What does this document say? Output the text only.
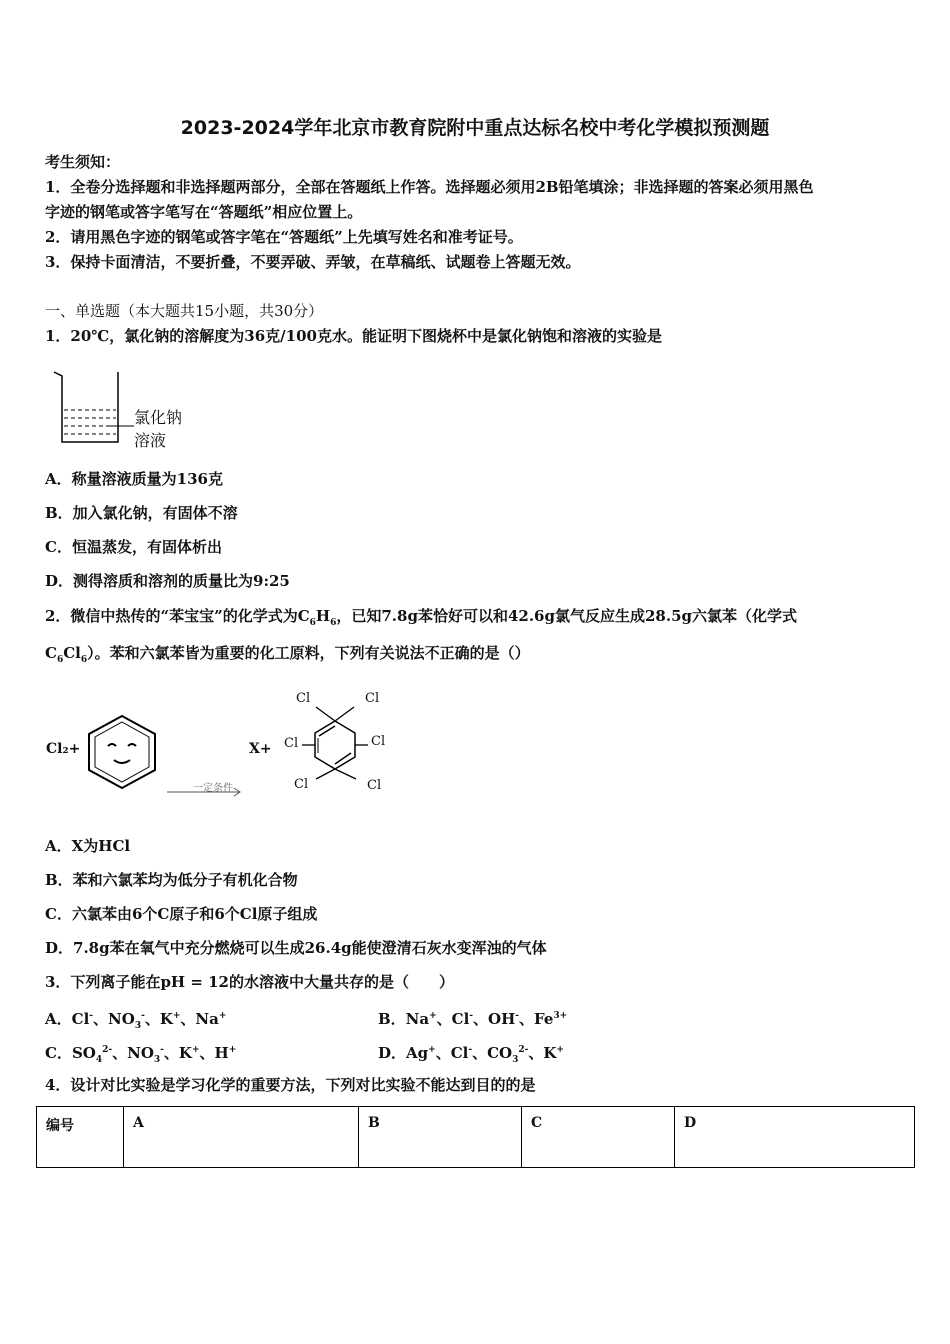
2023-2024学年北京市教育院附中重点达标名校中考化学模拟预测题
考生须知：
1．全卷分选择题和非选择题两部分，全部在答题纸上作答。选择题必须用2B铅笔填涂；非选择题的答案必须用黑色
字迹的钢笔或答字笔写在“答题纸”相应位置上。
2．请用黑色字迹的钢笔或答字笔在“答题纸”上先填写姓名和准考证号。
3．保持卡面清洁，不要折叠，不要弄破、弄皱，在草稿纸、试题卷上答题无效。
一、单选题（本大题共15小题，共30分）
1．20℃，氯化钠的溶解度为36克/100克水。能证明下图烧杯中是氯化钠饱和溶液的实验是
氯化钠
溶液
A．称量溶液质量为136克
B．加入氯化钠，有固体不溶
C．恒温蒸发，有固体析出
D．测得溶质和溶剂的质量比为9:25
2．微信中热传的“苯宝宝”的化学式为$C_6H_6$，已知7.8g苯恰好可以和42.6g氯气反应生成28.5g六氯苯（化学式
$C_6Cl_6$）。苯和六氯苯皆为重要的化工原料，下列有关说法不正确的是（）
Cl₂+
一定条件
X+
Cl	Cl
Cl	Cl
Cl	Cl
A．X为HCl
B．苯和六氯苯均为低分子有机化合物
C．六氯苯由6个C原子和6个Cl原子组成
D．7.8g苯在氧气中充分燃烧可以生成26.4g能使澄清石灰水变浑浊的气体
3．下列离子能在pH = 12的水溶液中大量共存的是（　　）
A．Cl-、$NO_3^-$、K+、Na+	B．Na+、Cl-、OH-、$Fe^{3+}$
C．$SO_4^{2-}$、$NO_3^-$、K+、H+	D．Ag+、Cl-、$CO_3^{2-}$、K+
4．设计对比实验是学习化学的重要方法，下列对比实验不能达到目的的是
编号	A	B	C	D
